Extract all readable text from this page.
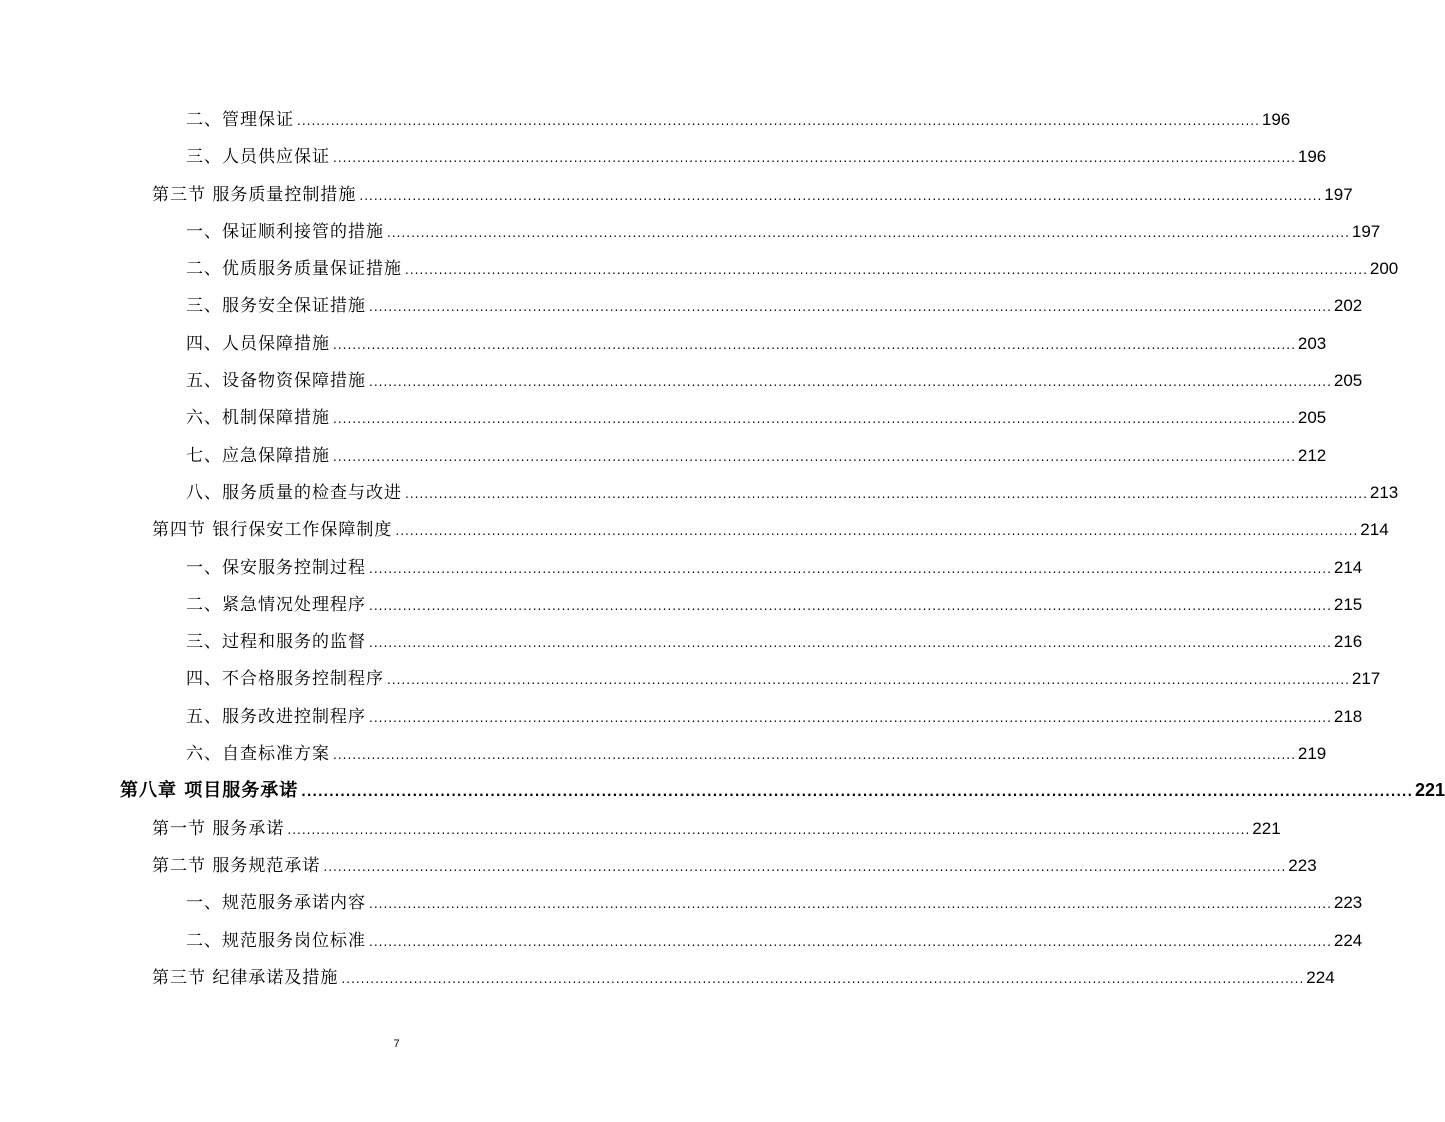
二、管理保证 ........................................................................................................................................................................................................ 196
三、人员供应保证 ........................................................................................................................................................................................................ 196
第三节 服务质量控制措施 ........................................................................................................................................................................................................ 197
一、保证顺利接管的措施 ........................................................................................................................................................................................................ 197
二、优质服务质量保证措施 ........................................................................................................................................................................................................ 200
三、服务安全保证措施 ........................................................................................................................................................................................................ 202
四、人员保障措施 ........................................................................................................................................................................................................ 203
五、设备物资保障措施 ........................................................................................................................................................................................................ 205
六、机制保障措施 ........................................................................................................................................................................................................ 205
七、应急保障措施 ........................................................................................................................................................................................................ 212
八、服务质量的检查与改进 ........................................................................................................................................................................................................ 213
第四节 银行保安工作保障制度 ........................................................................................................................................................................................................ 214
一、保安服务控制过程 ........................................................................................................................................................................................................ 214
二、紧急情况处理程序 ........................................................................................................................................................................................................ 215
三、过程和服务的监督 ........................................................................................................................................................................................................ 216
四、不合格服务控制程序 ........................................................................................................................................................................................................ 217
五、服务改进控制程序 ........................................................................................................................................................................................................ 218
六、自查标准方案 ........................................................................................................................................................................................................ 219
第八章 项目服务承诺 ........................................................................................................................................................................................................ 221
第一节 服务承诺 ........................................................................................................................................................................................................ 221
第二节 服务规范承诺 ........................................................................................................................................................................................................ 223
一、规范服务承诺内容 ........................................................................................................................................................................................................ 223
二、规范服务岗位标准 ........................................................................................................................................................................................................ 224
第三节 纪律承诺及措施 ........................................................................................................................................................................................................ 224
7
